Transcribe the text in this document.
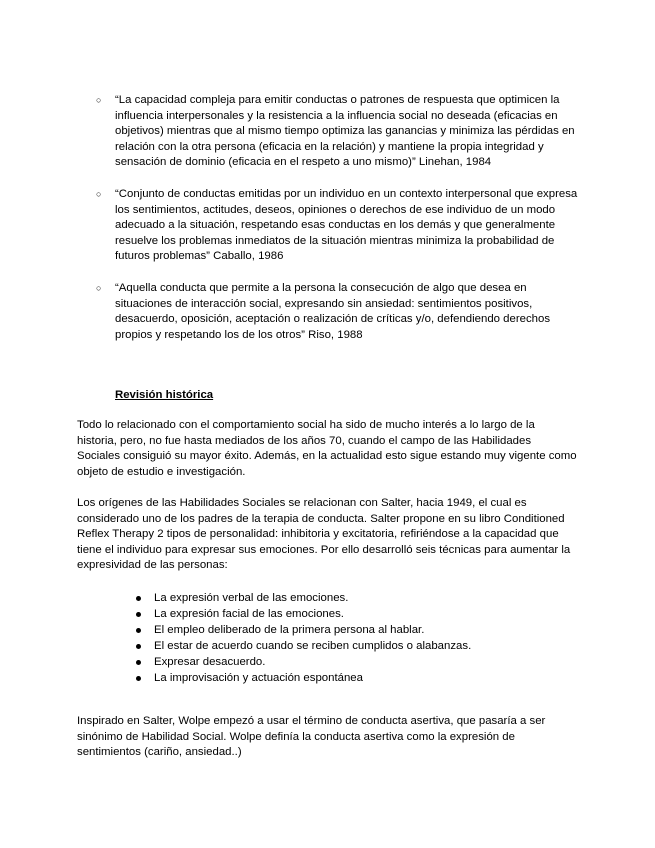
○ “La capacidad compleja para emitir conductas o patrones de respuesta que optimicen la influencia interpersonales y la resistencia a la influencia social no deseada (eficacias en objetivos) mientras que al mismo tiempo optimiza las ganancias y minimiza las pérdidas en relación con la otra persona (eficacia en la relación) y mantiene la propia integridad y sensación de dominio (eficacia en el respeto a uno mismo)” Linehan, 1984
○ “Conjunto de conductas emitidas por un individuo en un contexto interpersonal que expresa los sentimientos, actitudes, deseos, opiniones o derechos de ese individuo de un modo adecuado a la situación, respetando esas conductas en los demás y que generalmente resuelve los problemas inmediatos de la situación mientras minimiza la probabilidad de futuros problemas” Caballo, 1986
○ “Aquella conducta que permite a la persona la consecución de algo que desea en situaciones de interacción social, expresando sin ansiedad: sentimientos positivos, desacuerdo, oposición, aceptación o realización de críticas y/o, defendiendo derechos propios y respetando los de los otros” Riso, 1988
Revisión histórica

Todo lo relacionado con el comportamiento social ha sido de mucho interés a lo largo de la historia, pero, no fue hasta mediados de los años 70, cuando el campo de las Habilidades Sociales consiguió su mayor éxito. Además, en la actualidad esto sigue estando muy vigente como objeto de estudio e investigación.

Los orígenes de las Habilidades Sociales se relacionan con Salter, hacia 1949, el cual es considerado uno de los padres de la terapia de conducta. Salter propone en su libro Conditioned Reflex Therapy 2 tipos de personalidad: inhibitoria y excitatoria, refiriéndose a la capacidad que tiene el individuo para expresar sus emociones. Por ello desarrolló seis técnicas para aumentar la expresividad de las personas:

La expresión verbal de las emociones.
La expresión facial de las emociones.
El empleo deliberado de la primera persona al hablar.
El estar de acuerdo cuando se reciben cumplidos o alabanzas.
Expresar desacuerdo.
La improvisación y actuación espontánea

Inspirado en Salter, Wolpe empezó a usar el término de conducta asertiva, que pasaría a ser sinónimo de Habilidad Social. Wolpe definía la conducta asertiva como la expresión de sentimientos (cariño, ansiedad..)
